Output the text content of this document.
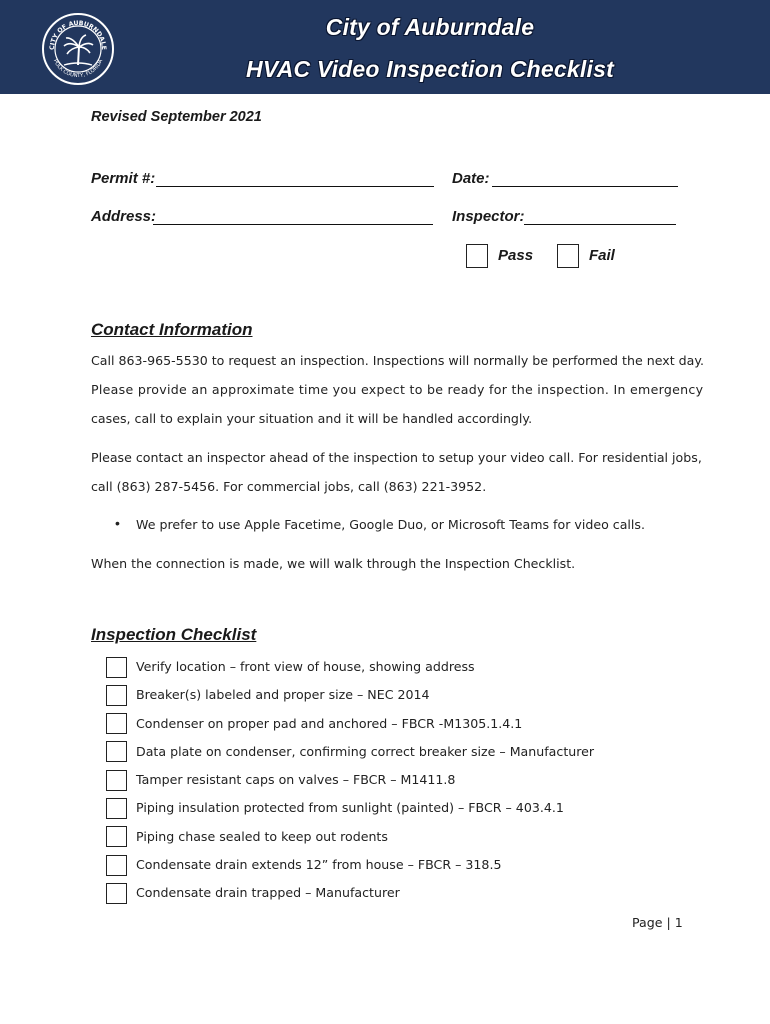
CITY OF AUBURNDALE
POLK COUNTY, FLORIDA
City of Auburndale
HVAC Video Inspection Checklist
Revised September 2021
Permit #:	Date:
Address:	Inspector:
Pass	Fail
Contact Information
Call 863-965-5530 to request an inspection. Inspections will normally be performed the next day.
Please provide an approximate time you expect to be ready for the inspection. In emergency
cases, call to explain your situation and it will be handled accordingly.
Please contact an inspector ahead of the inspection to setup your video call. For residential jobs,
call (863) 287-5456. For commercial jobs, call (863) 221-3952.
• We prefer to use Apple Facetime, Google Duo, or Microsoft Teams for video calls.
When the connection is made, we will walk through the Inspection Checklist.
Inspection Checklist
Verify location – front view of house, showing address
Breaker(s) labeled and proper size – NEC 2014
Condenser on proper pad and anchored – FBCR -M1305.1.4.1
Data plate on condenser, confirming correct breaker size – Manufacturer
Tamper resistant caps on valves – FBCR – M1411.8
Piping insulation protected from sunlight (painted) – FBCR – 403.4.1
Piping chase sealed to keep out rodents
Condensate drain extends 12” from house – FBCR – 318.5
Condensate drain trapped – Manufacturer
Page | 1
